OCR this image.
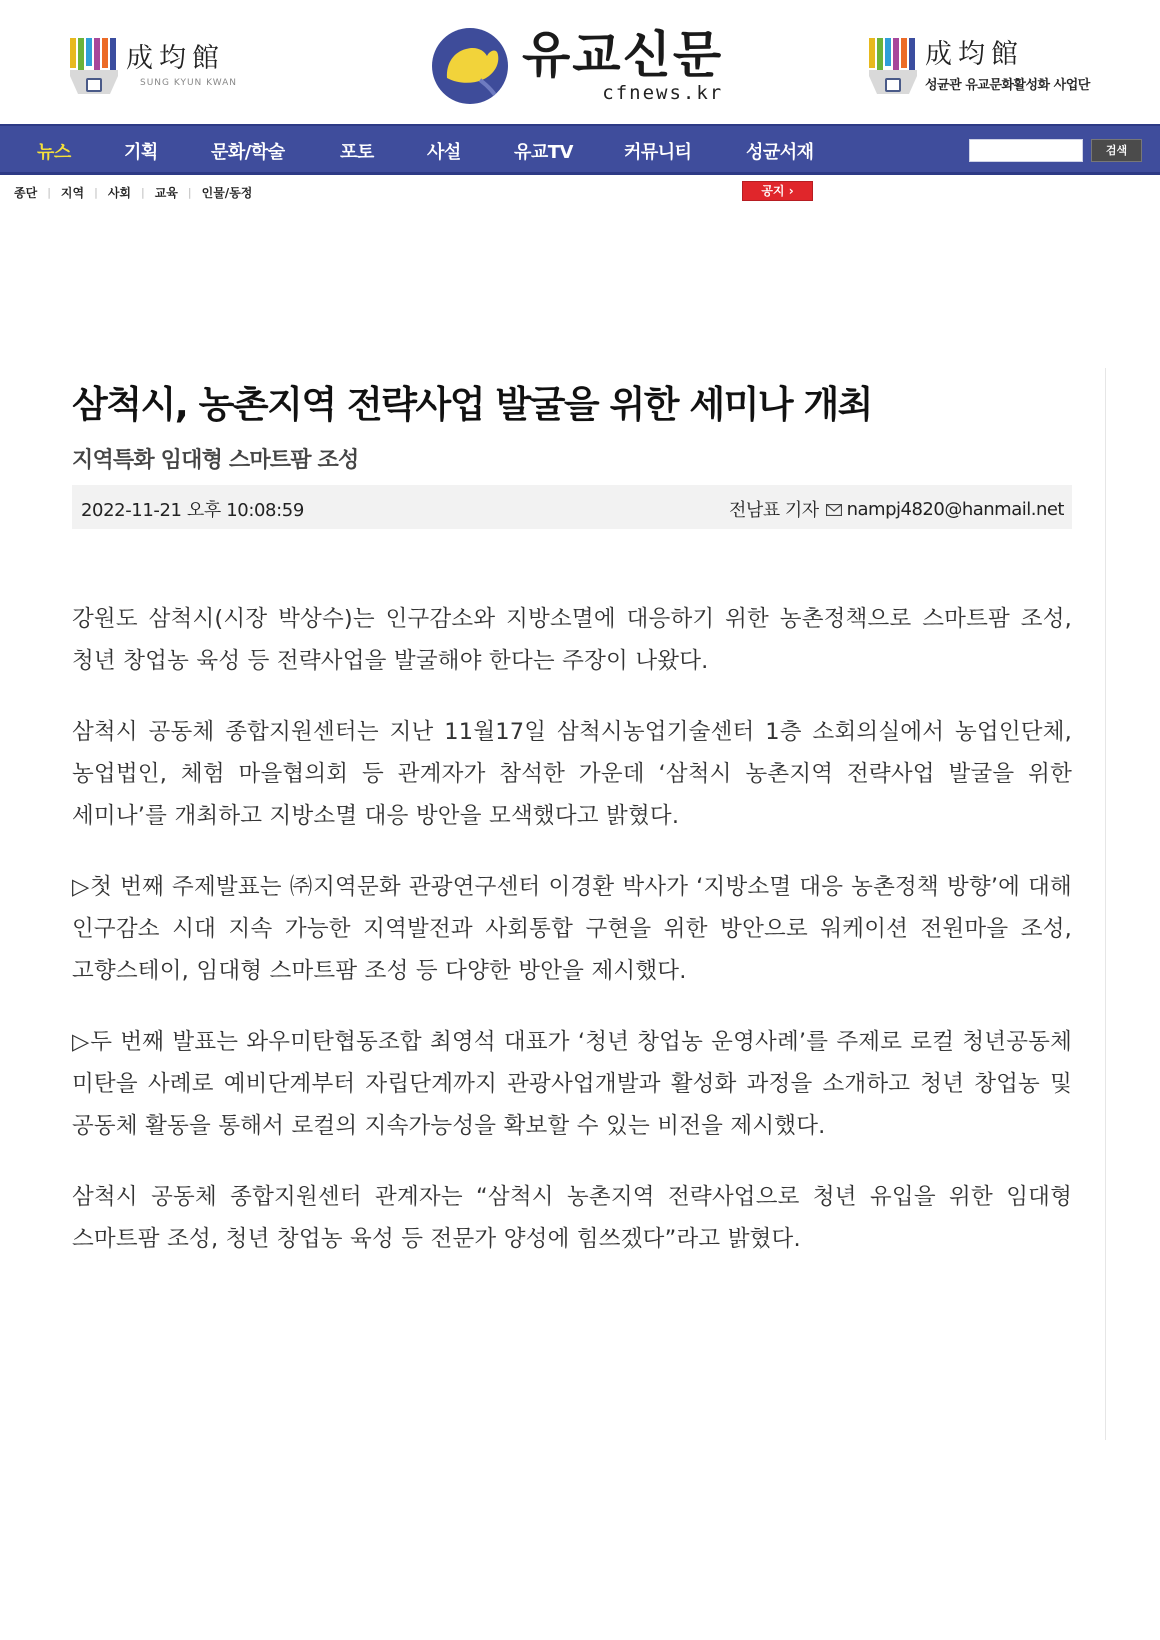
成均館
SUNG KYUN KWAN	유교신문
cfnews.kr
成均館
성균관 유교문화활성화 사업단
뉴스	기획	문화/학술	포토	사설	유교TV	커뮤니티	성균서재	검색
종단 | 지역 | 사회 | 교육 | 인물/동정	공지 ›
삼척시, 농촌지역 전략사업 발굴을 위한 세미나 개최
지역특화 임대형 스마트팜 조성
2022-11-21 오후 10:08:59	전남표 기자 nampj4820@hanmail.net

강원도 삼척시(시장 박상수)는 인구감소와 지방소멸에 대응하기 위한 농촌정책으로 스마트팜 조성, 청년 창업농 육성 등 전략사업을 발굴해야 한다는 주장이 나왔다.

삼척시 공동체 종합지원센터는 지난 11월17일 삼척시농업기술센터 1층 소회의실에서 농업인단체, 농업법인, 체험 마을협의회 등 관계자가 참석한 가운데 ‘삼척시 농촌지역 전략사업 발굴을 위한 세미나’를 개최하고 지방소멸 대응 방안을 모색했다고 밝혔다.

▷첫 번째 주제발표는 ㈜지역문화 관광연구센터 이경환 박사가 ‘지방소멸 대응 농촌정책 방향’에 대해 인구감소 시대 지속 가능한 지역발전과 사회통합 구현을 위한 방안으로 워케이션 전원마을 조성, 고향스테이, 임대형 스마트팜 조성 등 다양한 방안을 제시했다.

▷두 번째 발표는 와우미탄협동조합 최영석 대표가 ‘청년 창업농 운영사례’를 주제로 로컬 청년공동체 미탄을 사례로 예비단계부터 자립단계까지 관광사업개발과 활성화 과정을 소개하고 청년 창업농 및 공동체 활동을 통해서 로컬의 지속가능성을 확보할 수 있는 비전을 제시했다.

삼척시 공동체 종합지원센터 관계자는 “삼척시 농촌지역 전략사업으로 청년 유입을 위한 임대형 스마트팜 조성, 청년 창업농 육성 등 전문가 양성에 힘쓰겠다”라고 밝혔다.
